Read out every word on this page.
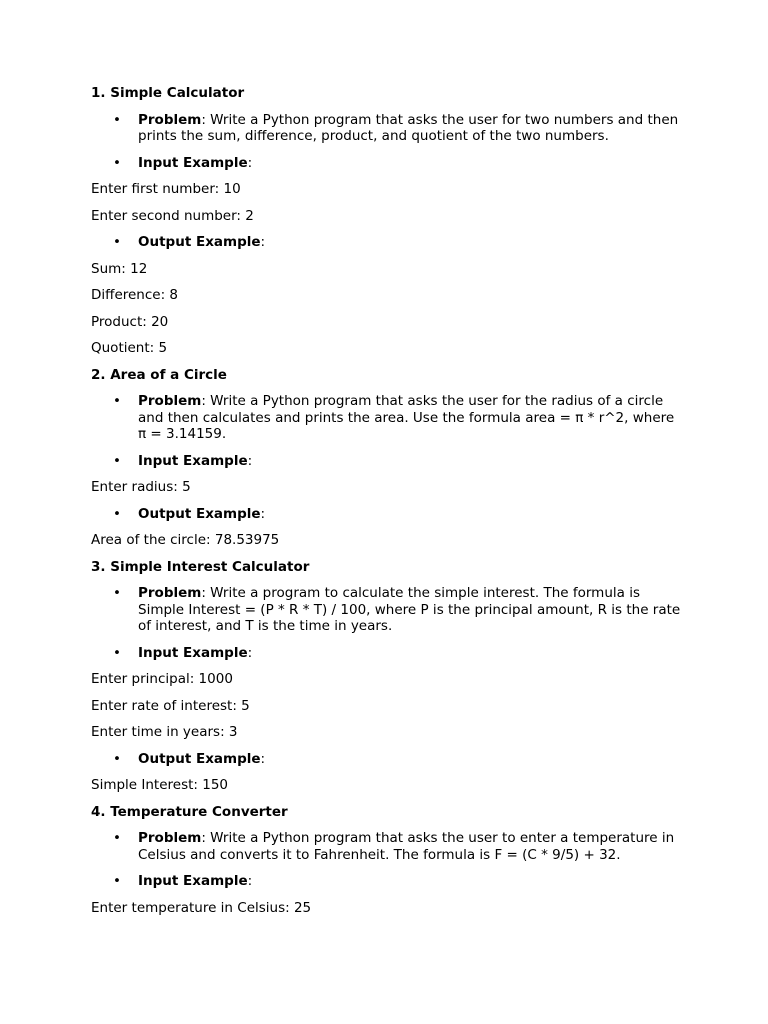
1. Simple Calculator
• Problem: Write a Python program that asks the user for two numbers and then prints the sum, difference, product, and quotient of the two numbers.
• Input Example:
Enter first number: 10
Enter second number: 2
• Output Example:
Sum: 12
Difference: 8
Product: 20
Quotient: 5
2. Area of a Circle
• Problem: Write a Python program that asks the user for the radius of a circle and then calculates and prints the area. Use the formula area = π * r^2, where π = 3.14159.
• Input Example:
Enter radius: 5
• Output Example:
Area of the circle: 78.53975
3. Simple Interest Calculator
• Problem: Write a program to calculate the simple interest. The formula is Simple Interest = (P * R * T) / 100, where P is the principal amount, R is the rate of interest, and T is the time in years.
• Input Example:
Enter principal: 1000
Enter rate of interest: 5
Enter time in years: 3
• Output Example:
Simple Interest: 150
4. Temperature Converter
• Problem: Write a Python program that asks the user to enter a temperature in Celsius and converts it to Fahrenheit. The formula is F = (C * 9/5) + 32.
• Input Example:
Enter temperature in Celsius: 25
